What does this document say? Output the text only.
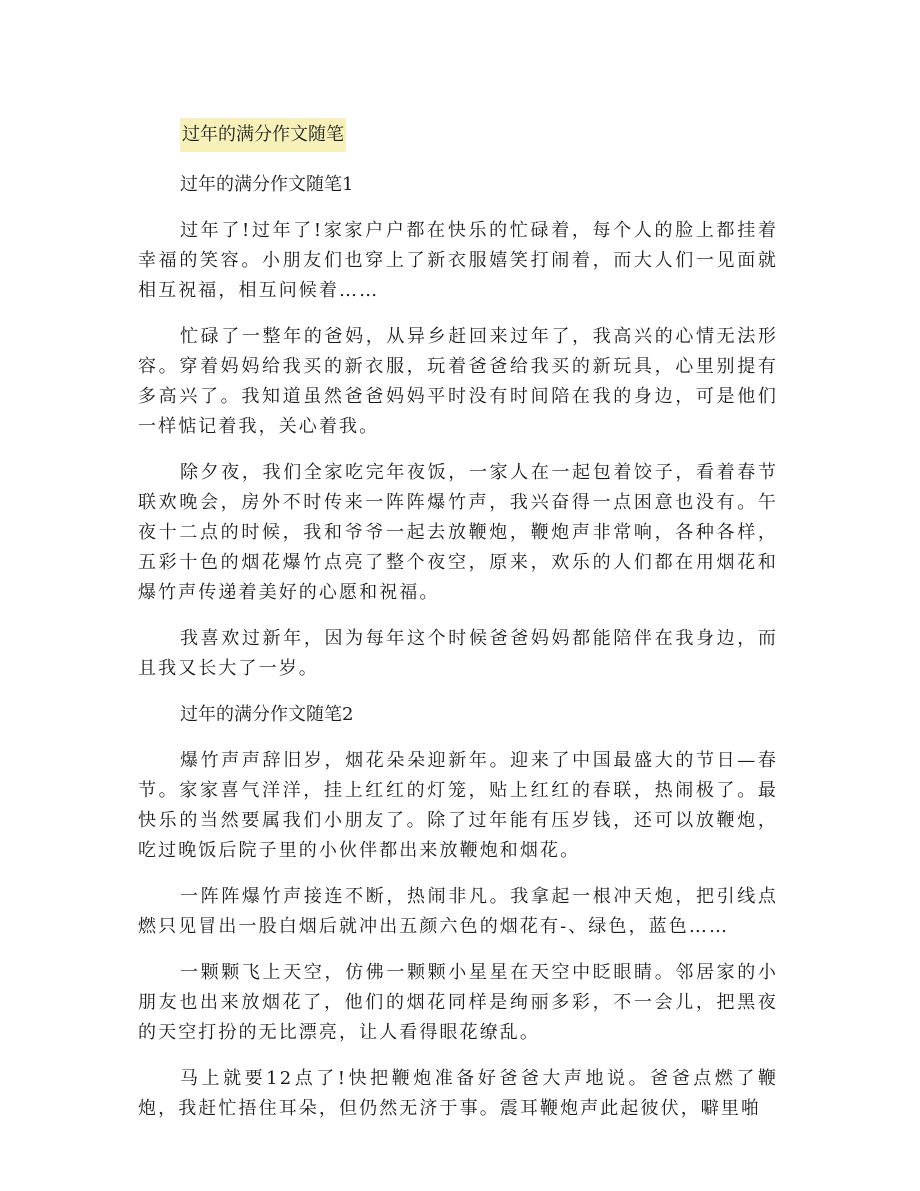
过年的满分作文随笔
过年的满分作文随笔1

过年了!过年了!家家户户都在快乐的忙碌着，每个人的脸上都挂着幸福的笑容。小朋友们也穿上了新衣服嬉笑打闹着，而大人们一见面就相互祝福，相互问候着……

忙碌了一整年的爸妈，从异乡赶回来过年了，我高兴的心情无法形容。穿着妈妈给我买的新衣服，玩着爸爸给我买的新玩具，心里别提有多高兴了。我知道虽然爸爸妈妈平时没有时间陪在我的身边，可是他们一样惦记着我，关心着我。

除夕夜，我们全家吃完年夜饭，一家人在一起包着饺子，看着春节联欢晚会，房外不时传来一阵阵爆竹声，我兴奋得一点困意也没有。午夜十二点的时候，我和爷爷一起去放鞭炮，鞭炮声非常响，各种各样，五彩十色的烟花爆竹点亮了整个夜空，原来，欢乐的人们都在用烟花和爆竹声传递着美好的心愿和祝福。

我喜欢过新年，因为每年这个时候爸爸妈妈都能陪伴在我身边，而且我又长大了一岁。

过年的满分作文随笔2

爆竹声声辞旧岁，烟花朵朵迎新年。迎来了中国最盛大的节日—春节。家家喜气洋洋，挂上红红的灯笼，贴上红红的春联，热闹极了。最快乐的当然要属我们小朋友了。除了过年能有压岁钱，还可以放鞭炮，吃过晚饭后院子里的小伙伴都出来放鞭炮和烟花。

一阵阵爆竹声接连不断，热闹非凡。我拿起一根冲天炮，把引线点燃只见冒出一股白烟后就冲出五颜六色的烟花有-、绿色，蓝色……

一颗颗飞上天空，仿佛一颗颗小星星在天空中眨眼睛。邻居家的小朋友也出来放烟花了，他们的烟花同样是绚丽多彩，不一会儿，把黑夜的天空打扮的无比漂亮，让人看得眼花缭乱。

马上就要12点了!快把鞭炮准备好爸爸大声地说。爸爸点燃了鞭炮，我赶忙捂住耳朵，但仍然无济于事。震耳鞭炮声此起彼伏，噼里啪
